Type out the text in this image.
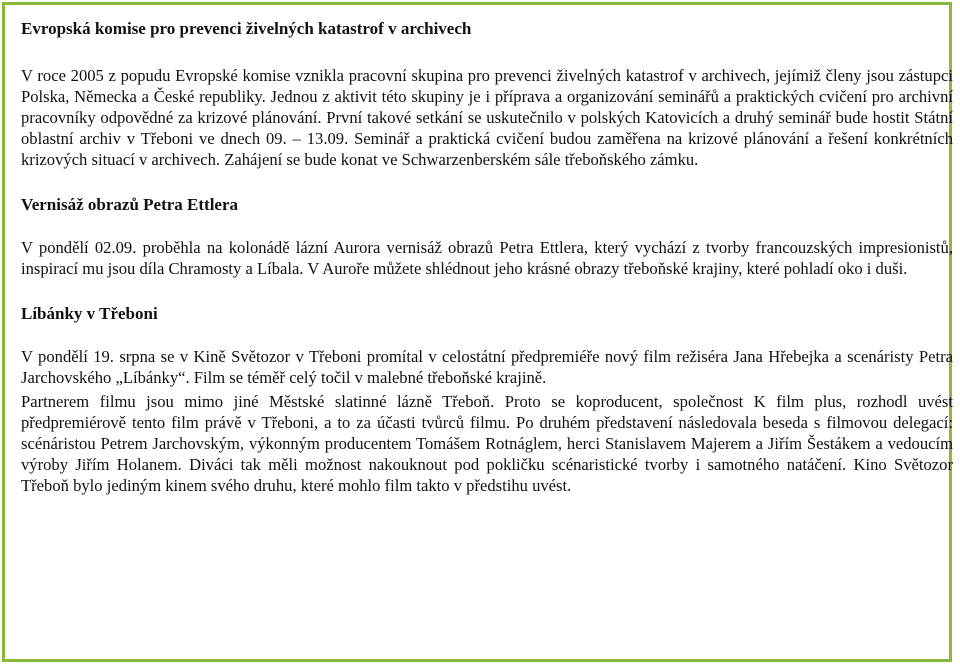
Evropská komise pro prevenci živelných katastrof v archivech

V roce 2005 z popudu Evropské komise vznikla pracovní skupina pro prevenci živelných katastrof v archivech, jejímiž členy jsou zástupci Polska, Německa a České republiky. Jednou z aktivit této skupiny je i příprava a organizování seminářů a praktických cvičení pro archivní pracovníky odpovědné za krizové plánování. První takové setkání se uskutečnilo v polských Katovicích a druhý seminář bude hostit Státní oblastní archiv v Třeboni ve dnech 09. – 13.09. Seminář a praktická cvičení budou zaměřena na krizové plánování a řešení konkrétních krizových situací v archivech. Zahájení se bude konat ve Schwarzenberském sále třeboňského zámku.

Vernisáž obrazů Petra Ettlera

V pondělí 02.09. proběhla na kolonádě lázní Aurora vernisáž obrazů Petra Ettlera, který vychází z tvorby francouzských impresionistů, inspirací mu jsou díla Chramosty a Líbala. V Auroře můžete shlédnout jeho krásné obrazy třeboňské krajiny, které pohladí oko i duši.

Líbánky v Třeboni

V pondělí 19. srpna se v Kině Světozor v Třeboni promítal v celostátní předpremiéře nový film režiséra Jana Hřebejka a scenáristy Petra Jarchovského „Líbánky“. Film se téměř celý točil v malebné třeboňské krajině.

Partnerem filmu jsou mimo jiné Městské slatinné lázně Třeboň. Proto se koproducent, společnost K film plus, rozhodl uvést předpremiérově tento film právě v Třeboni, a to za účasti tvůrců filmu. Po druhém představení následovala beseda s filmovou delegací: scénáristou Petrem Jarchovským, výkonným producentem Tomášem Rotnáglem, herci Stanislavem Majerem a Jiřím Šestákem a vedoucím výroby Jiřím Holanem. Diváci tak měli možnost nakouknout pod pokličku scénaristické tvorby i samotného natáčení. Kino Světozor Třeboň bylo jediným kinem svého druhu, které mohlo film takto v předstihu uvést.
